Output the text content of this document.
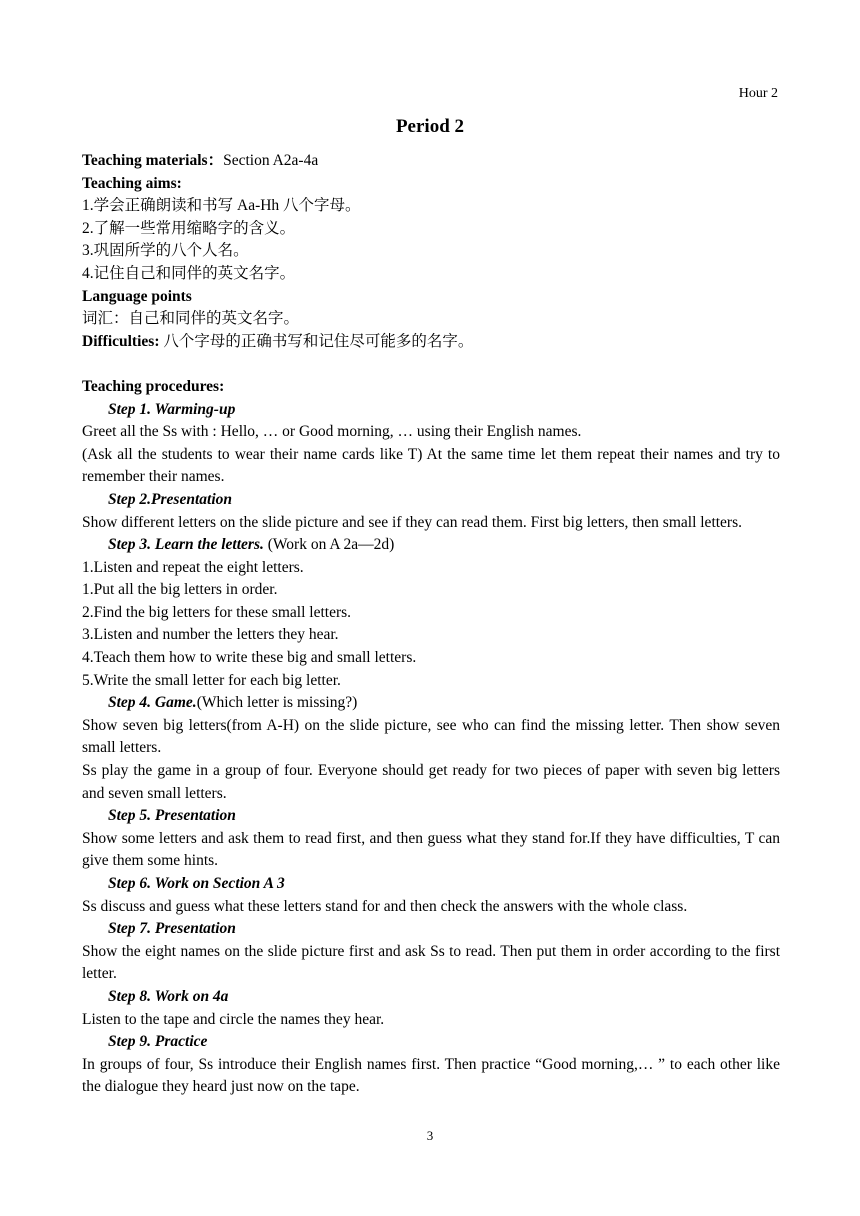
Hour 2
Period 2

Teaching materials：Section A2a-4a

Teaching aims:

1.学会正确朗读和书写 Aa-Hh 八个字母。

2.了解一些常用缩略字的含义。

3.巩固所学的八个人名。

4.记住自己和同伴的英文名字。

Language points

词汇：自己和同伴的英文名字。

Difficulties: 八个字母的正确书写和记住尽可能多的名字。

Teaching procedures:

Step 1. Warming-up

Greet all the Ss with : Hello, … or Good morning, … using their English names.

(Ask all the students to wear their name cards like T) At the same time let them repeat their names and try to remember their names.

Step 2.Presentation

Show different letters on the slide picture and see if they can read them. First big letters, then small letters.

Step 3. Learn the letters. (Work on A 2a—2d)

1.Listen and repeat the eight letters.

1.Put all the big letters in order.

2.Find the big letters for these small letters.

3.Listen and number the letters they hear.

4.Teach them how to write these big and small letters.

5.Write the small letter for each big letter.

Step 4. Game.(Which letter is missing?)

Show seven big letters(from A-H) on the slide picture, see who can find the missing letter. Then show seven small letters.

Ss play the game in a group of four. Everyone should get ready for two pieces of paper with seven big letters and seven small letters.

Step 5. Presentation

Show some letters and ask them to read first, and then guess what they stand for.If they have difficulties, T can give them some hints.

Step 6. Work on Section A 3

Ss discuss and guess what these letters stand for and then check the answers with the whole class.

Step 7. Presentation

Show the eight names on the slide picture first and ask Ss to read. Then put them in order according to the first letter.

Step 8. Work on 4a

Listen to the tape and circle the names they hear.

Step 9. Practice

In groups of four, Ss introduce their English names first. Then practice “Good morning,… ” to each other like the dialogue they heard just now on the tape.

3
